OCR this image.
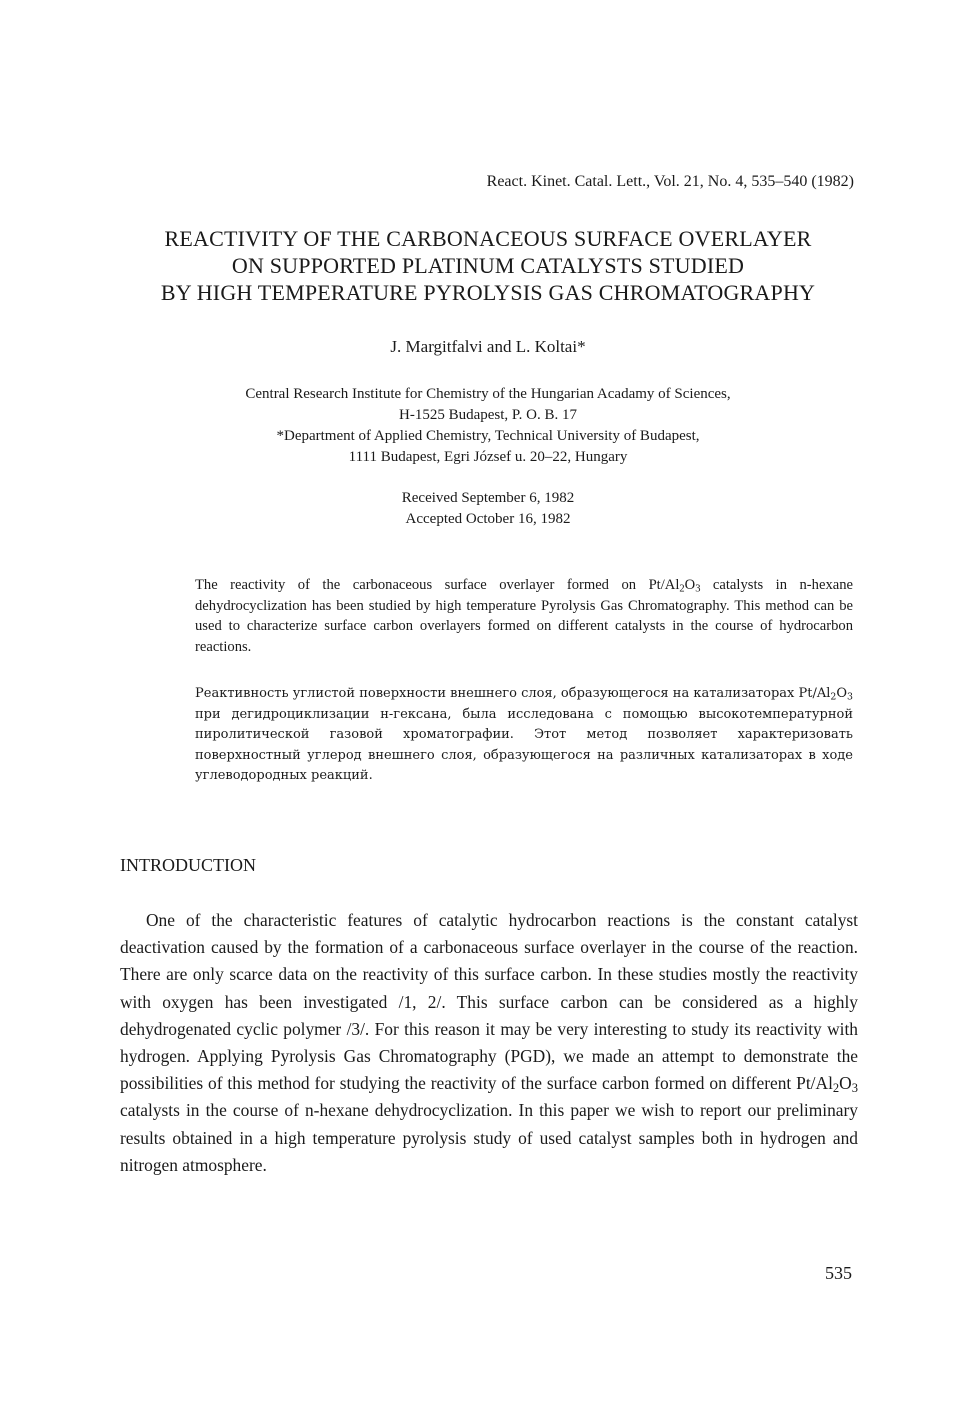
React. Kinet. Catal. Lett., Vol. 21, No. 4, 535–540 (1982)
REACTIVITY OF THE CARBONACEOUS SURFACE OVERLAYER
ON SUPPORTED PLATINUM CATALYSTS STUDIED
BY HIGH TEMPERATURE PYROLYSIS GAS CHROMATOGRAPHY
J. Margitfalvi and L. Koltai*
Central Research Institute for Chemistry of the Hungarian Acadamy of Sciences,
H-1525 Budapest, P. O. B. 17
*Department of Applied Chemistry, Technical University of Budapest,
1111 Budapest, Egri József u. 20–22, Hungary
Received September 6, 1982
Accepted October 16, 1982
The reactivity of the carbonaceous surface overlayer formed on $Pt/Al_2O_3$ catalysts in n-hexane dehydrocyclization has been studied by high temperature Pyrolysis Gas Chromatography. This method can be used to characterize surface carbon overlayers formed on different catalysts in the course of hydrocarbon reactions.
Реактивность углистой поверхности внешнего слоя, образующегося на катализаторах $Pt/Al_2O_3$ при дегидроциклизации н-гексана, была исследована с помощью высокотемпературной пиролитической газовой хроматографии. Этот метод позволяет характеризовать поверхностный углерод внешнего слоя, образующегося на различных катализаторах в ходе углеводородных реакций.
INTRODUCTION
One of the characteristic features of catalytic hydrocarbon reactions is the constant catalyst deactivation caused by the formation of a carbonaceous surface overlayer in the course of the reaction. There are only scarce data on the reactivity of this surface carbon. In these studies mostly the reactivity with oxygen has been investigated /1, 2/. This surface carbon can be considered as a highly dehydrogenated cyclic polymer /3/. For this reason it may be very interesting to study its reactivity with hydrogen. Applying Pyrolysis Gas Chromatography (PGD), we made an attempt to demonstrate the possibilities of this method for studying the reactivity of the surface carbon formed on different $Pt/Al_2O_3$ catalysts in the course of n-hexane dehydrocyclization. In this paper we wish to report our preliminary results obtained in a high temperature pyrolysis study of used catalyst samples both in hydrogen and nitrogen atmosphere.
535
